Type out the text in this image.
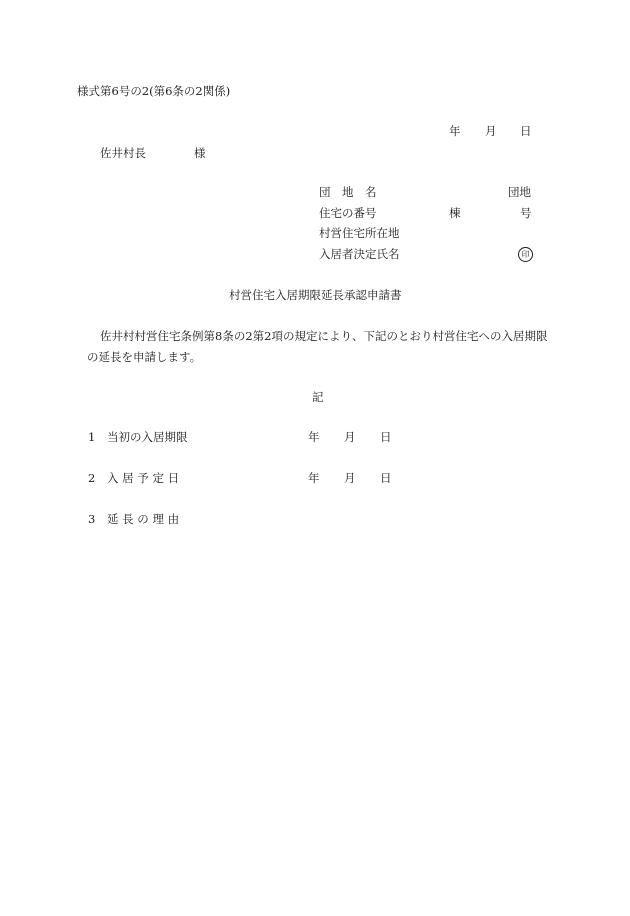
様式第6号の2(第6条の2関係)
年 月 日
佐井村長	様
団　地　名	団地
住宅の番号	棟	号
村営住宅所在地
入居者決定氏名	印
村営住宅入居期限延長承認申請書
佐井村村営住宅条例第8条の2第2項の規定により、下記のとおり村営住宅への入居期限
の延長を申請します。
記
1 当初の入居期限	年 月 日
2 入 居 予 定 日	年 月 日
3 延 長 の 理 由
